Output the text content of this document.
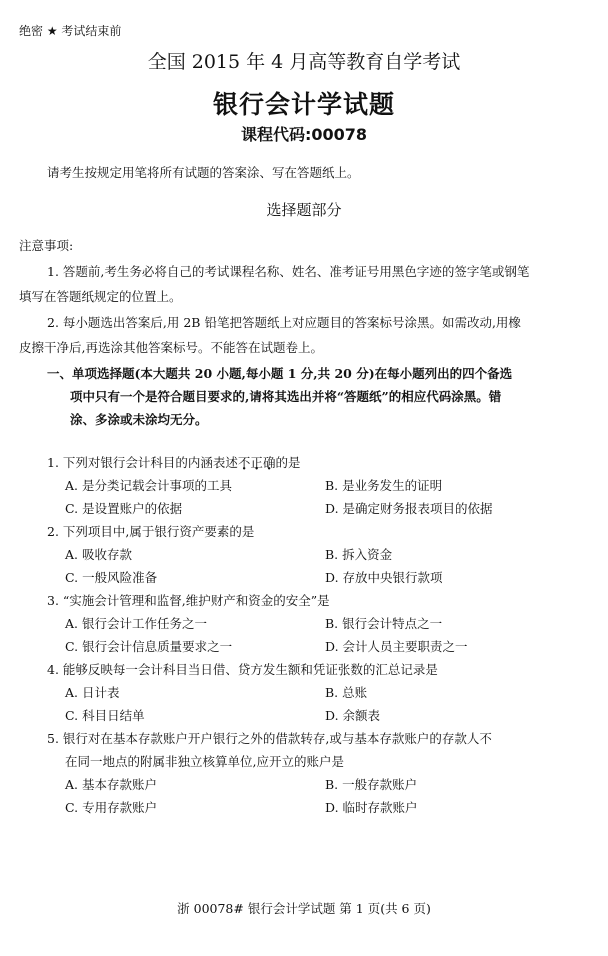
绝密 ★ 考试结束前
全国 2015 年 4 月高等教育自学考试
银行会计学试题
课程代码:00078
请考生按规定用笔将所有试题的答案涂、写在答题纸上。
选择题部分
注意事项:
1. 答题前,考生务必将自己的考试课程名称、姓名、准考证号用黑色字迹的签字笔或钢笔
填写在答题纸规定的位置上。
2. 每小题选出答案后,用 2B 铅笔把答题纸上对应题目的答案标号涂黑。如需改动,用橡
皮擦干净后,再选涂其他答案标号。不能答在试题卷上。
一、单项选择题(本大题共 20 小题,每小题 1 分,共 20 分)在每小题列出的四个备选
项中只有一个是符合题目要求的,请将其选出并将“答题纸”的相应代码涂黑。错
涂、多涂或未涂均无分。
1. 下列对银行会计科目的内涵表述不正确的是
A. 是分类记载会计事项的工具	B. 是业务发生的证明
C. 是设置账户的依据	D. 是确定财务报表项目的依据
2. 下列项目中,属于银行资产要素的是
A. 吸收存款	B. 拆入资金
C. 一般风险准备	D. 存放中央银行款项
3. “实施会计管理和监督,维护财产和资金的安全”是
A. 银行会计工作任务之一	B. 银行会计特点之一
C. 银行会计信息质量要求之一	D. 会计人员主要职责之一
4. 能够反映每一会计科目当日借、贷方发生额和凭证张数的汇总记录是
A. 日计表	B. 总账
C. 科目日结单	D. 余额表
5. 银行对在基本存款账户开户银行之外的借款转存,或与基本存款账户的存款人不
在同一地点的附属非独立核算单位,应开立的账户是
A. 基本存款账户	B. 一般存款账户
C. 专用存款账户	D. 临时存款账户
浙 00078# 银行会计学试题 第 1 页(共 6 页)
